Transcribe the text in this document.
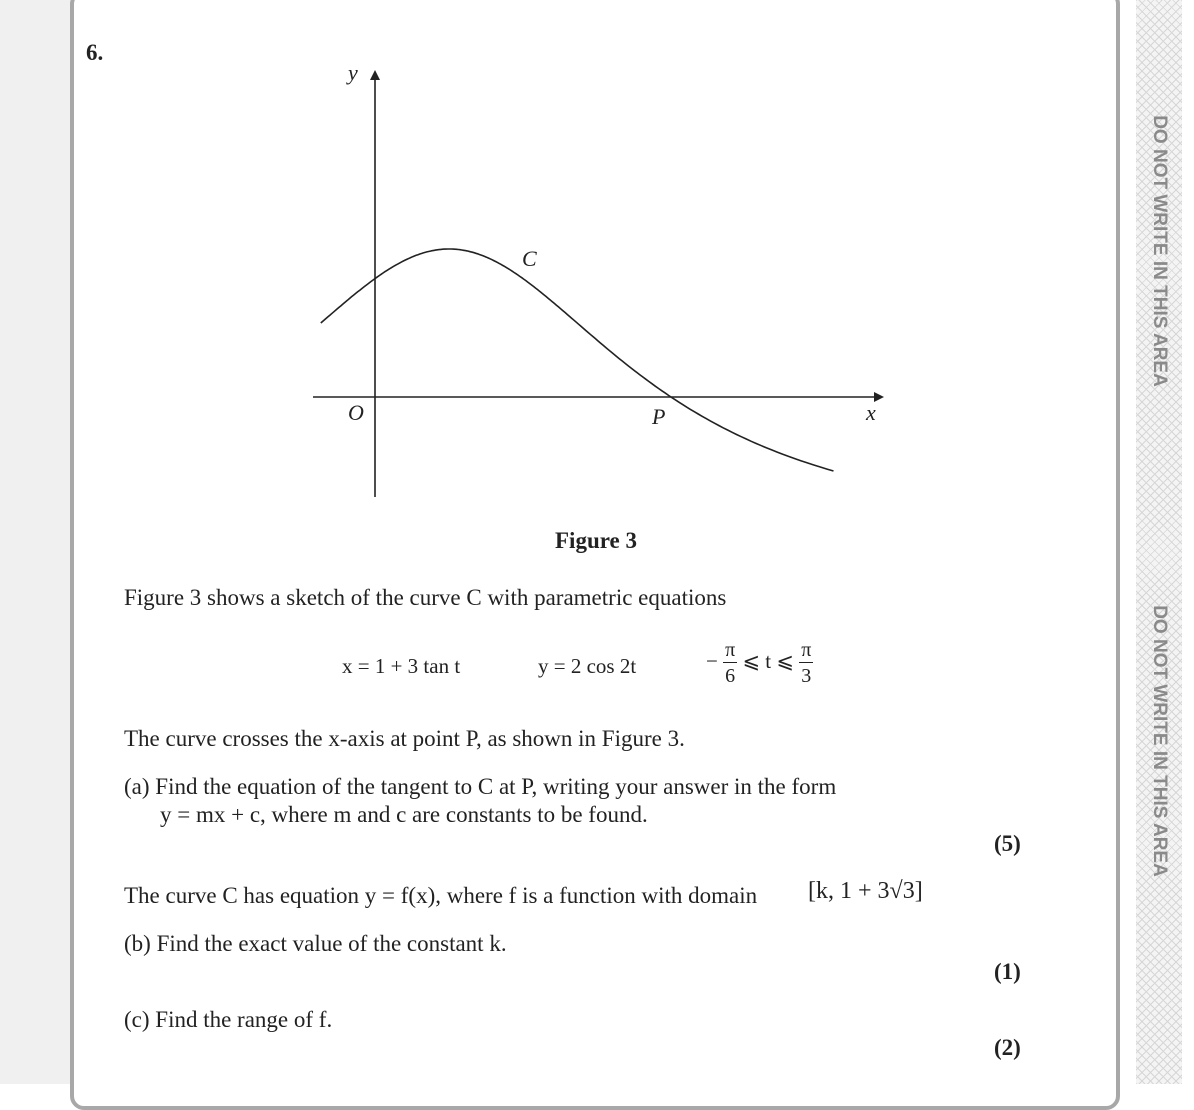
DO NOT WRITE IN THIS AREA
DO NOT WRITE IN THIS AREA
6.
y
x
O
C
P
Figure 3
Figure 3 shows a sketch of the curve C with parametric equations
x = 1 + 3 tan t	y = 2 cos 2t	− $\frac{\pi}{6}$ ⩽ t ⩽ $\frac{\pi}{3}$
The curve crosses the x-axis at point P, as shown in Figure 3.
(a) Find the equation of the tangent to C at P, writing your answer in the form
y = mx + c, where m and c are constants to be found.
(5)
The curve C has equation y = f(x), where f is a function with domain [k, 1 + 3√3]
(b) Find the exact value of the constant k.
(1)
(c) Find the range of f.
(2)
